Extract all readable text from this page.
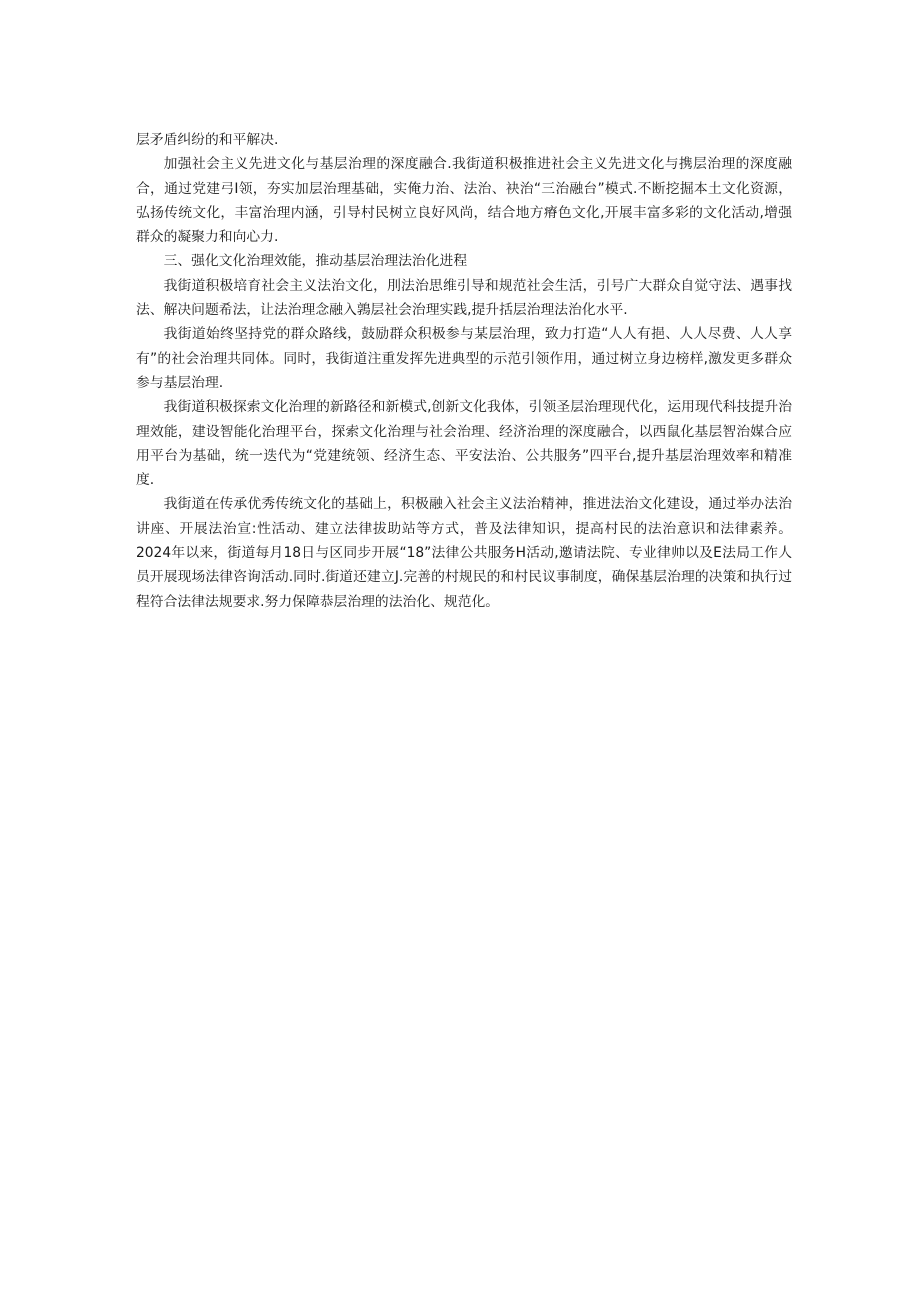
层矛盾纠纷的和平解决.

加强社会主义先进文化与基层治理的深度融合.我街道积极推进社会主义先进文化与携层治理的深度融合，通过党建弓I领，夯实加层治理基础，实俺力治、法治、袂治“三治融台”模式.不断挖掘本土文化资源，弘扬传统文化，丰富治理内涵，引导村民树立良好风尚，结合地方瘠色文化,开展丰富多彩的文化活动,增强群众的凝聚力和向心力.

三、强化文化治理效能，推动基层治理法治化进程

我街道积极培育社会主义法治文化，刖法治思维引导和规范社会生活，引号广大群众自觉守法、遇事找法、解决问题希法，让法治理念融入鶉层社会治理实践,提升括层治理法治化水平.

我街道始终坚持党的群众路线，鼓励群众积极参与某层治理，致力打造“人人有挹、人人尽费、人人享有”的社会治理共同体。同时，我街道注重发挥先进典型的示范引领作用，通过树立身边榜样,激发更多群众参与基层治理.

我街道积极探索文化治理的新路径和新模式,创新文化我体，引领圣层治理现代化，运用现代科技提升治理效能，建设智能化治理平台，探索文化治理与社会治理、经济治理的深度融合，以西鼠化基层智治媒合应用平台为基础，统一迭代为“党建统领、经济生态、平安法治、公共服务”四平台,提升基层治理效率和精准度.

我街道在传承优秀传统文化的基础上，积极融入社会主义法治精神，推进法治文化建设，通过举办法治讲座、开展法治宣:性活动、建立法律拔助站等方式，普及法律知识，提高村民的法治意识和法律素养。2024年以来，街道每月18日与区同步开展“18”法律公共服务H活动,邀请法院、专业律帅以及E法局工作人员开展现场法律咨询活动.同时.街道还建立J.完善的村规民的和村民议事制度，确保基层治理的决策和执行过程符合法律法规要求.努力保障恭层治理的法治化、规范化。
